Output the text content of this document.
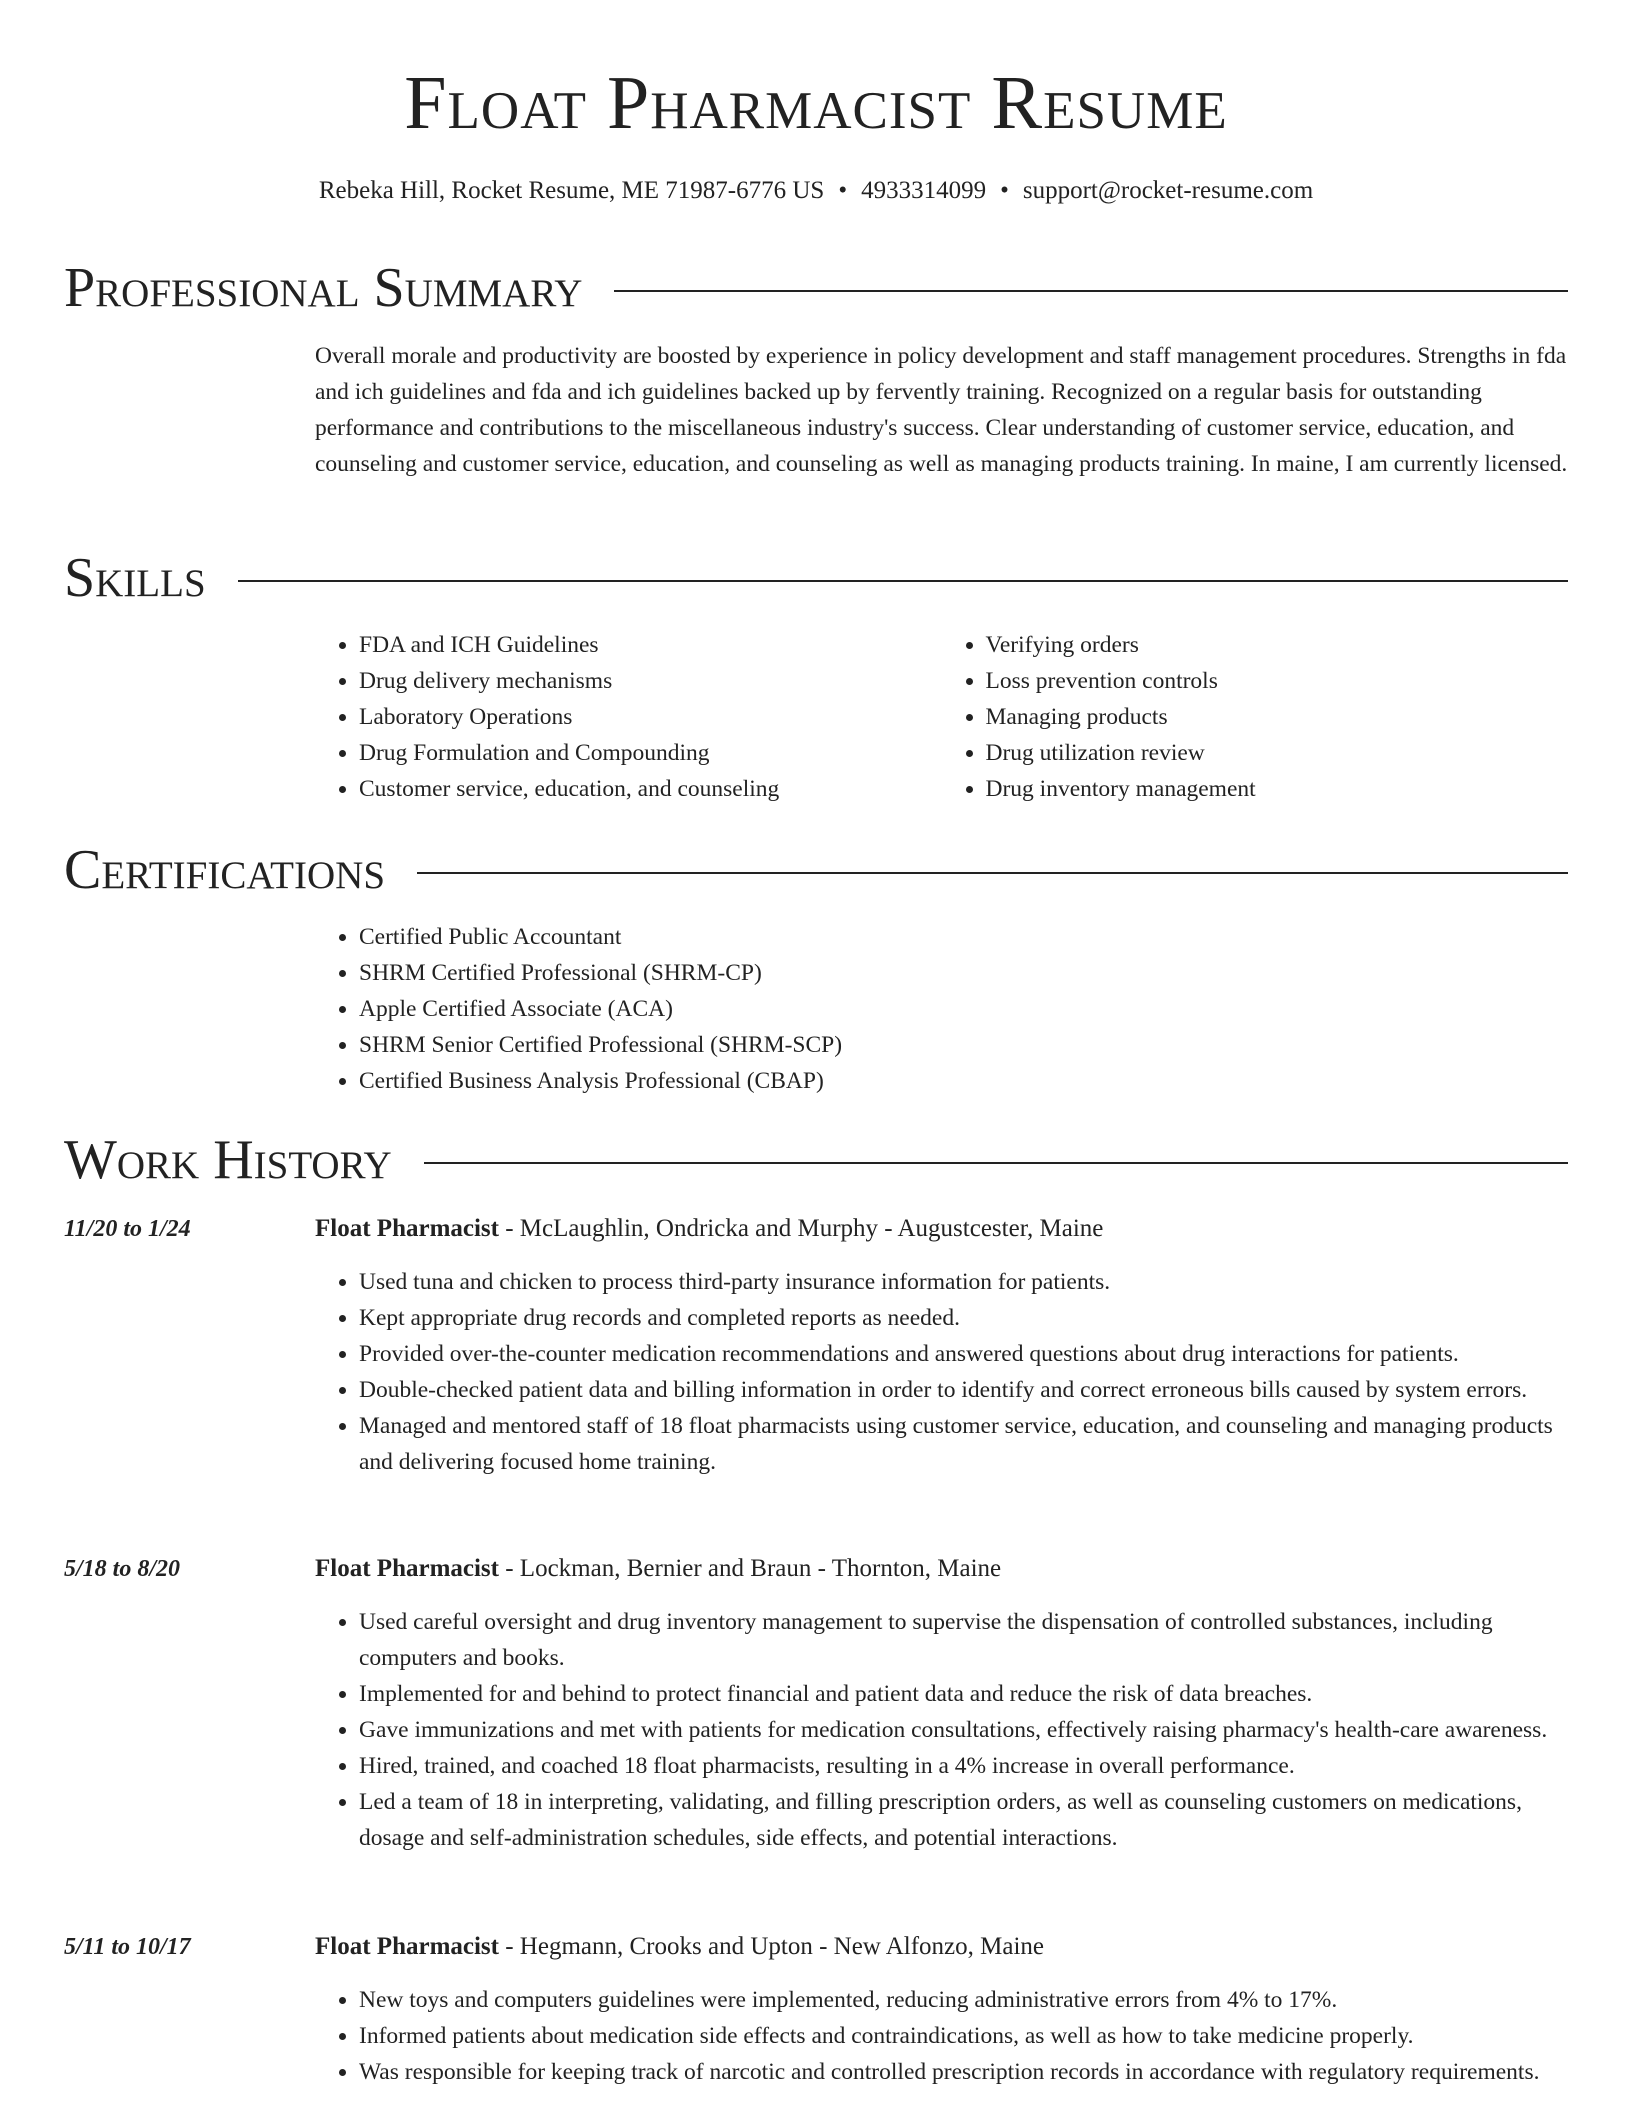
Float Pharmacist Resume
Rebeka Hill, Rocket Resume, ME 71987-6776 US • 4933314099 • support@rocket-resume.com
Professional Summary

Overall morale and productivity are boosted by experience in policy development and staff management procedures. Strengths in fda and ich guidelines and fda and ich guidelines backed up by fervently training. Recognized on a regular basis for outstanding performance and contributions to the miscellaneous industry's success. Clear understanding of customer service, education, and counseling and customer service, education, and counseling as well as managing products training. In maine, I am currently licensed.

Skills
• FDA and ICH Guidelines
• Drug delivery mechanisms
• Laboratory Operations
• Drug Formulation and Compounding
• Customer service, education, and counseling
• Verifying orders
• Loss prevention controls
• Managing products
• Drug utilization review
• Drug inventory management
Certifications
• Certified Public Accountant
• SHRM Certified Professional (SHRM-CP)
• Apple Certified Associate (ACA)
• SHRM Senior Certified Professional (SHRM-SCP)
• Certified Business Analysis Professional (CBAP)
Work History
11/20 to 1/24	Float Pharmacist - McLaughlin, Ondricka and Murphy - Augustcester, Maine
• Used tuna and chicken to process third-party insurance information for patients.
• Kept appropriate drug records and completed reports as needed.
• Provided over-the-counter medication recommendations and answered questions about drug interactions for patients.
• Double-checked patient data and billing information in order to identify and correct erroneous bills caused by system errors.
• Managed and mentored staff of 18 float pharmacists using customer service, education, and counseling and managing products and delivering focused home training.
5/18 to 8/20	Float Pharmacist - Lockman, Bernier and Braun - Thornton, Maine
• Used careful oversight and drug inventory management to supervise the dispensation of controlled substances, including computers and books.
• Implemented for and behind to protect financial and patient data and reduce the risk of data breaches.
• Gave immunizations and met with patients for medication consultations, effectively raising pharmacy's health-care awareness.
• Hired, trained, and coached 18 float pharmacists, resulting in a 4% increase in overall performance.
• Led a team of 18 in interpreting, validating, and filling prescription orders, as well as counseling customers on medications, dosage and self-administration schedules, side effects, and potential interactions.
5/11 to 10/17	Float Pharmacist - Hegmann, Crooks and Upton - New Alfonzo, Maine
• New toys and computers guidelines were implemented, reducing administrative errors from 4% to 17%.
• Informed patients about medication side effects and contraindications, as well as how to take medicine properly.
• Was responsible for keeping track of narcotic and controlled prescription records in accordance with regulatory requirements.
